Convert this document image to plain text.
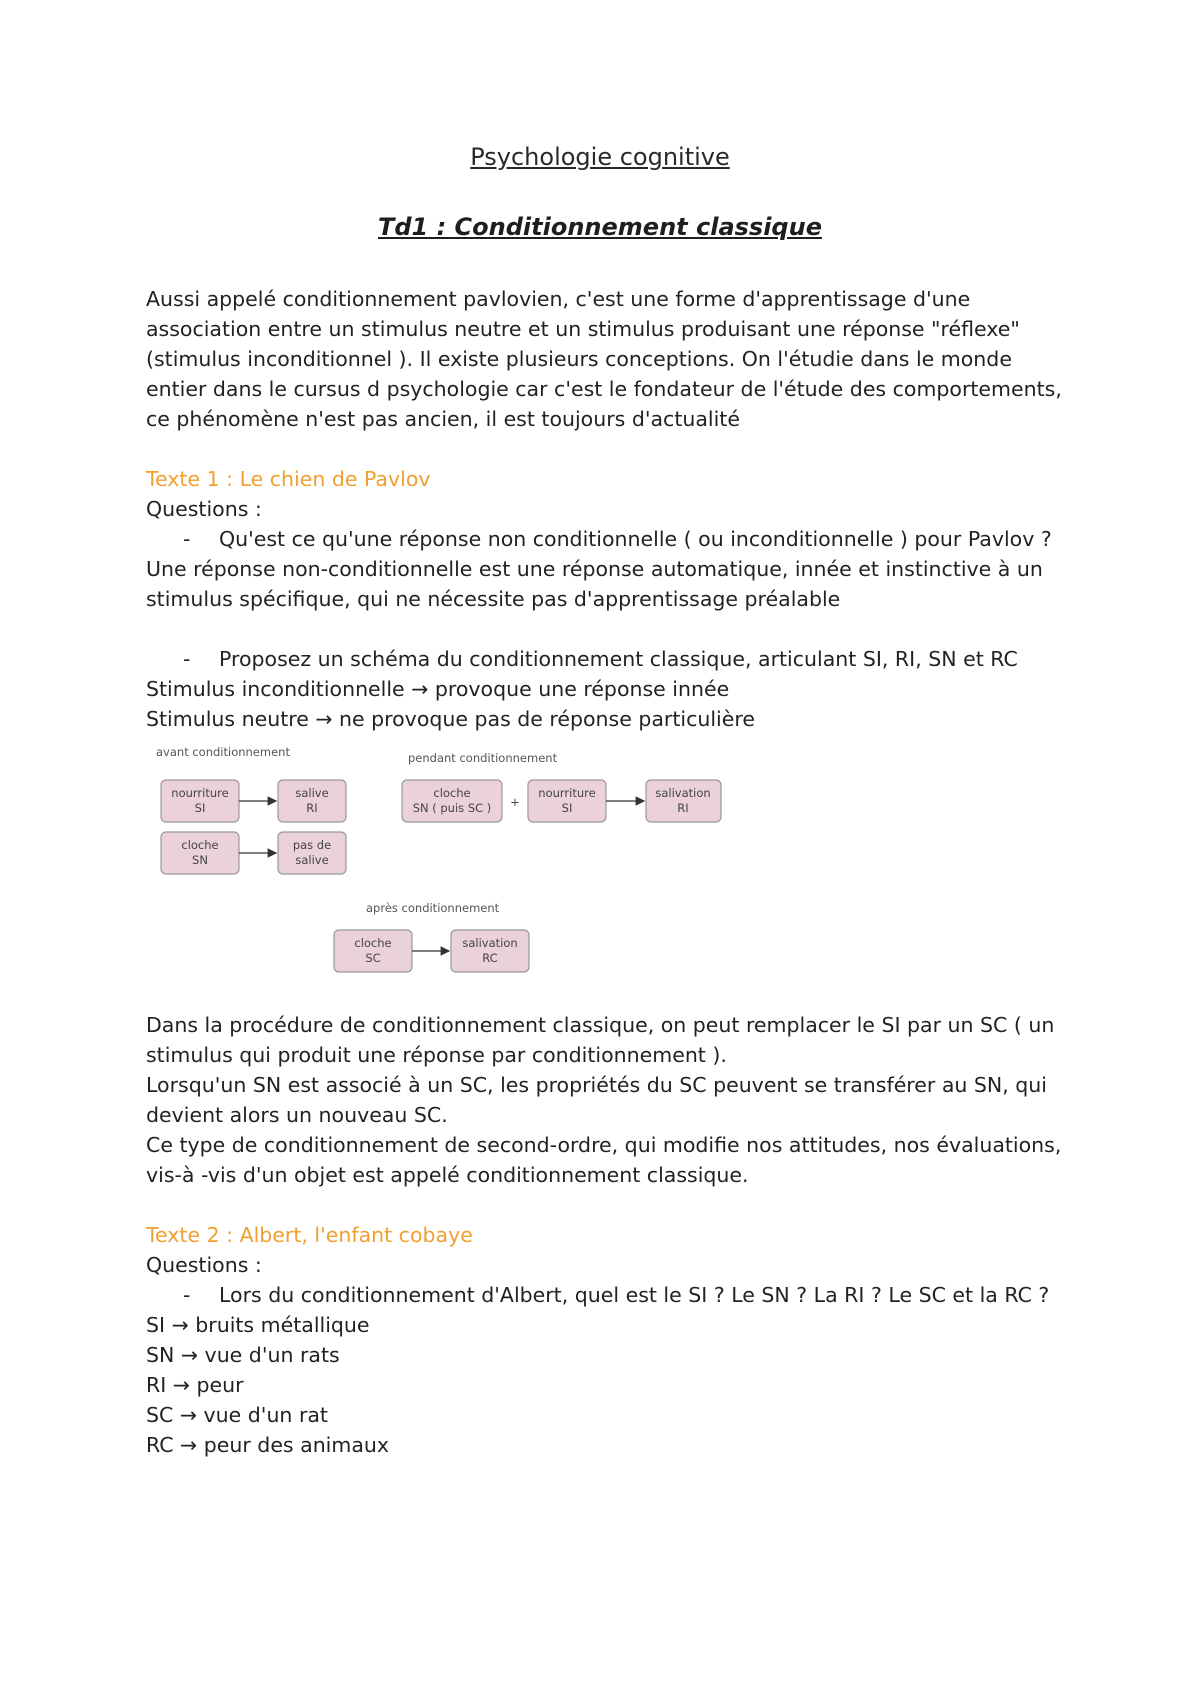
Psychologie cognitive
Td1 : Conditionnement classique
Aussi appelé conditionnement pavlovien, c'est une forme d'apprentissage d'une
association entre un stimulus neutre et un stimulus produisant une réponse "réflexe"
(stimulus inconditionnel ). Il existe plusieurs conceptions. On l'étudie dans le monde
entier dans le cursus d psychologie car c'est le fondateur de l'étude des comportements,
ce phénomène n'est pas ancien, il est toujours d'actualité
Texte 1 : Le chien de Pavlov
Questions :
- Qu'est ce qu'une réponse non conditionnelle ( ou inconditionnelle ) pour Pavlov ?
Une réponse non-conditionnelle est une réponse automatique, innée et instinctive à un
stimulus spécifique, qui ne nécessite pas d'apprentissage préalable
- Proposez un schéma du conditionnement classique, articulant SI, RI, SN et RC
Stimulus inconditionnelle → provoque une réponse innée
Stimulus neutre → ne provoque pas de réponse particulière
avant conditionnement
nourriture
SI
salive
RI
cloche
SN
pas de
salive
pendant conditionnement
cloche
SN ( puis SC ) +
nourriture
SI
salivation
RI
après conditionnement
cloche
SC
salivation
RC
Dans la procédure de conditionnement classique, on peut remplacer le SI par un SC ( un
stimulus qui produit une réponse par conditionnement ).
Lorsqu'un SN est associé à un SC, les propriétés du SC peuvent se transférer au SN, qui
devient alors un nouveau SC.
Ce type de conditionnement de second-ordre, qui modifie nos attitudes, nos évaluations,
vis-à -vis d'un objet est appelé conditionnement classique.
Texte 2 : Albert, l'enfant cobaye
Questions :
- Lors du conditionnement d'Albert, quel est le SI ? Le SN ? La RI ? Le SC et la RC ?
SI → bruits métallique
SN → vue d'un rats
RI → peur
SC → vue d'un rat
RC → peur des animaux
